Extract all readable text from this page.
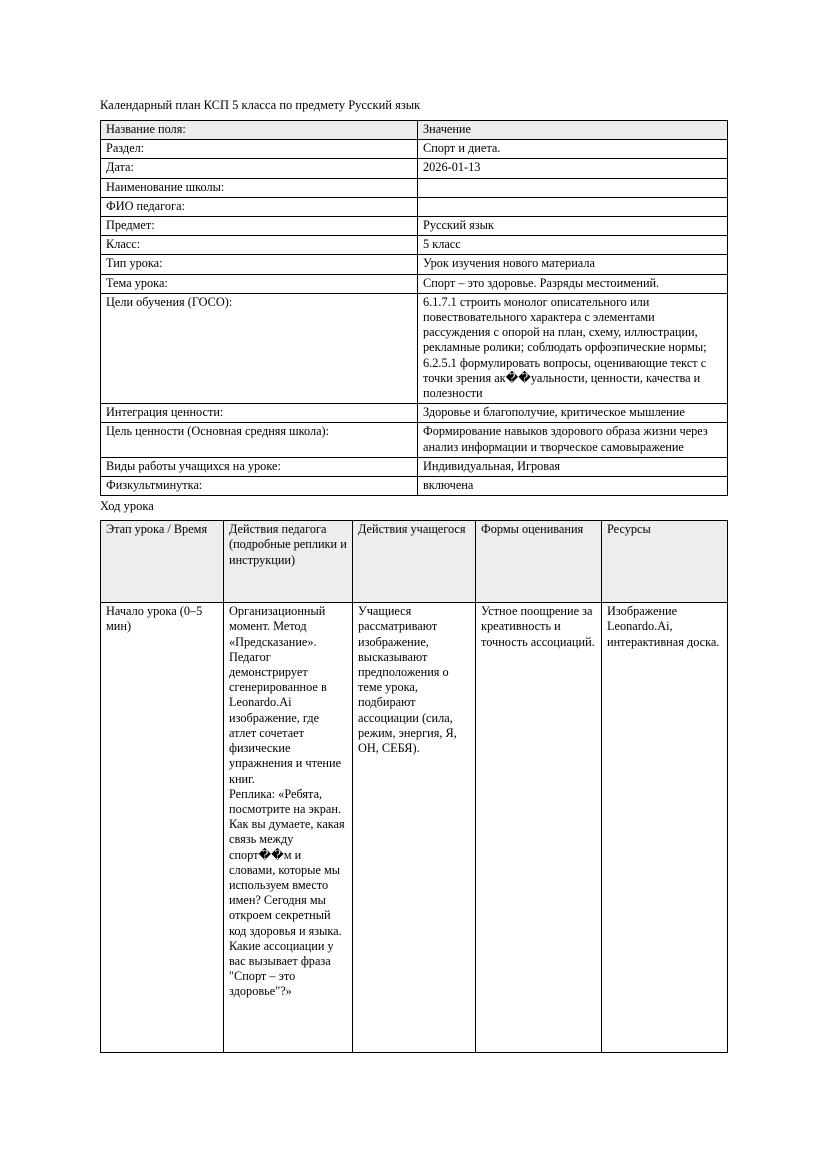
Календарный план КСП 5 класса по предмету Русский язык

Название поля:	Значение
Раздел:	Спорт и диета.
Дата:	2026-01-13
Наименование школы:	
ФИО педагога:	
Предмет:	Русский язык
Класс:	5 класс
Тип урока:	Урок изучения нового материала
Тема урока:	Спорт – это здоровье. Разряды местоимений.
Цели обучения (ГОСО):	6.1.7.1 строить монолог описательного или повествовательного характера с элементами рассуждения с опорой на план, схему, иллюстрации, рекламные ролики; соблюдать орфоэпические нормы; 6.2.5.1 формулировать вопросы, оценивающие текст с точки зрения ак��уальности, ценности, качества и полезности
Интеграция ценности:	Здоровье и благополучие, критическое мышление
Цель ценности (Основная средняя школа):	Формирование навыков здорового образа жизни через анализ информации и творческое самовыражение
Виды работы учащихся на уроке:	Индивидуальная, Игровая
Физкультминутка:	включена

Ход урока

Этап урока / Время	Действия педагога (подробные реплики и инструкции)	Действия учащегося	Формы оценивания	Ресурсы
Начало урока (0–5 мин)	Организационный момент. Метод «Предсказание». Педагог демонстрирует сгенерированное в Leonardo.Ai изображение, где атлет сочетает физические упражнения и чтение книг.

Реплика: «Ребята, посмотрите на экран. Как вы думаете, какая связь между спорт��м и словами, которые мы используем вместо имен? Сегодня мы откроем секретный код здоровья и языка. Какие ассоциации у вас вызывает фраза "Спорт – это здоровье"?»	Учащиеся рассматривают изображение, высказывают предположения о теме урока, подбирают ассоциации (сила, режим, энергия, Я, ОН, СЕБЯ).	Устное поощрение за креативность и точность ассоциаций.	Изображение Leonardo.Ai, интерактивная доска.
